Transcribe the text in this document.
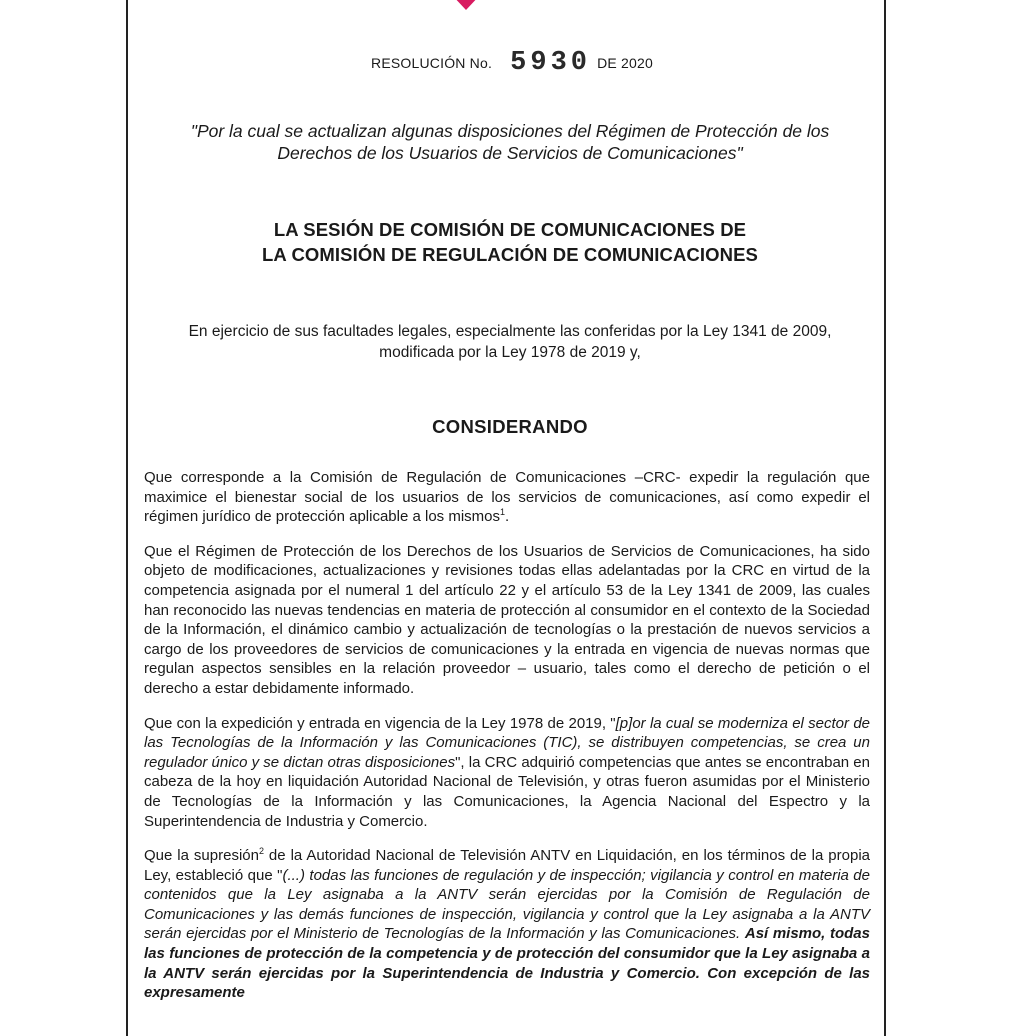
RESOLUCIÓN No. 5930 DE 2020
"Por la cual se actualizan algunas disposiciones del Régimen de Protección de los
Derechos de los Usuarios de Servicios de Comunicaciones"
LA SESIÓN DE COMISIÓN DE COMUNICACIONES DE
LA COMISIÓN DE REGULACIÓN DE COMUNICACIONES
En ejercicio de sus facultades legales, especialmente las conferidas por la Ley 1341 de 2009,
modificada por la Ley 1978 de 2019 y,
CONSIDERANDO

Que corresponde a la Comisión de Regulación de Comunicaciones –CRC- expedir la regulación que maximice el bienestar social de los usuarios de los servicios de comunicaciones, así como expedir el régimen jurídico de protección aplicable a los mismos$^1$.

Que el Régimen de Protección de los Derechos de los Usuarios de Servicios de Comunicaciones, ha sido objeto de modificaciones, actualizaciones y revisiones todas ellas adelantadas por la CRC en virtud de la competencia asignada por el numeral 1 del artículo 22 y el artículo 53 de la Ley 1341 de 2009, las cuales han reconocido las nuevas tendencias en materia de protección al consumidor en el contexto de la Sociedad de la Información, el dinámico cambio y actualización de tecnologías o la prestación de nuevos servicios a cargo de los proveedores de servicios de comunicaciones y la entrada en vigencia de nuevas normas que regulan aspectos sensibles en la relación proveedor – usuario, tales como el derecho de petición o el derecho a estar debidamente informado.

Que con la expedición y entrada en vigencia de la Ley 1978 de 2019, "[p]or la cual se moderniza el sector de las Tecnologías de la Información y las Comunicaciones (TIC), se distribuyen competencias, se crea un regulador único y se dictan otras disposiciones", la CRC adquirió competencias que antes se encontraban en cabeza de la hoy en liquidación Autoridad Nacional de Televisión, y otras fueron asumidas por el Ministerio de Tecnologías de la Información y las Comunicaciones, la Agencia Nacional del Espectro y la Superintendencia de Industria y Comercio.

Que la supresión$^2$ de la Autoridad Nacional de Televisión ANTV en Liquidación, en los términos de la propia Ley, estableció que "(...) todas las funciones de regulación y de inspección; vigilancia y control en materia de contenidos que la Ley asignaba a la ANTV serán ejercidas por la Comisión de Regulación de Comunicaciones y las demás funciones de inspección, vigilancia y control que la Ley asignaba a la ANTV serán ejercidas por el Ministerio de Tecnologías de la Información y las Comunicaciones. Así mismo, todas las funciones de protección de la competencia y de protección del consumidor que la Ley asignaba a la ANTV serán ejercidas por la Superintendencia de Industria y Comercio. Con excepción de las expresamente
